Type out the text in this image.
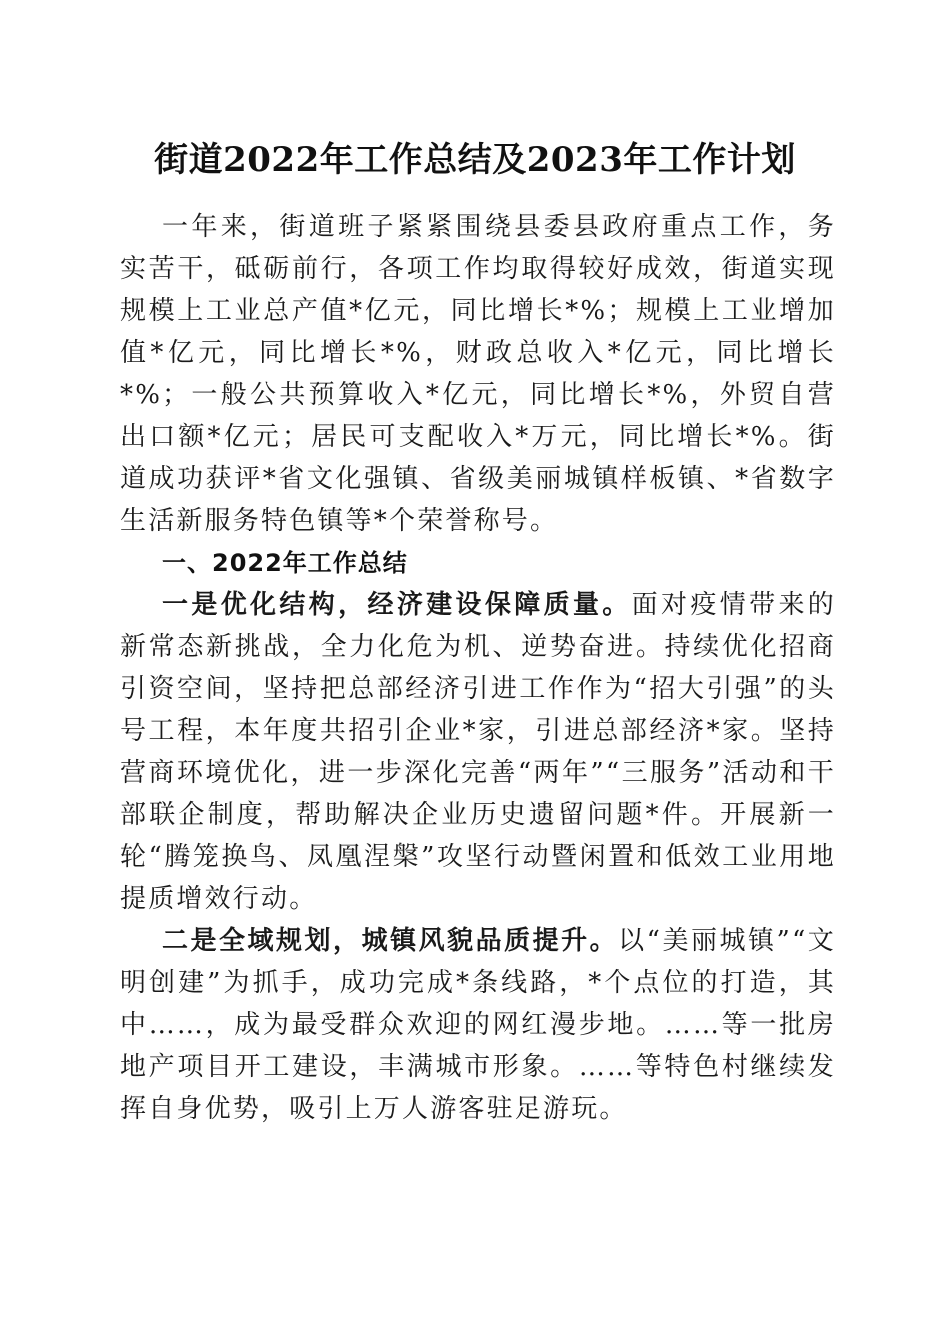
街道2022年工作总结及2023年工作计划

一年来，街道班子紧紧围绕县委县政府重点工作，务实苦干，砥砺前行，各项工作均取得较好成效，街道实现规模上工业总产值*亿元，同比增长*%；规模上工业增加值*亿元，同比增长*%，财政总收入*亿元，同比增长*%；一般公共预算收入*亿元，同比增长*%，外贸自营出口额*亿元；居民可支配收入*万元，同比增长*%。街道成功获评*省文化强镇、省级美丽城镇样板镇、*省数字生活新服务特色镇等*个荣誉称号。

一、2022年工作总结

一是优化结构，经济建设保障质量。面对疫情带来的新常态新挑战，全力化危为机、逆势奋进。持续优化招商引资空间，坚持把总部经济引进工作作为“招大引强”的头号工程，本年度共招引企业*家，引进总部经济*家。坚持营商环境优化，进一步深化完善“两年”“三服务”活动和干部联企制度，帮助解决企业历史遗留问题*件。开展新一轮“腾笼换鸟、凤凰涅槃”攻坚行动暨闲置和低效工业用地提质增效行动。

二是全域规划，城镇风貌品质提升。以“美丽城镇”“文明创建”为抓手，成功完成*条线路，*个点位的打造，其中……，成为最受群众欢迎的网红漫步地。……等一批房地产项目开工建设，丰满城市形象。……等特色村继续发挥自身优势，吸引上万人游客驻足游玩。
